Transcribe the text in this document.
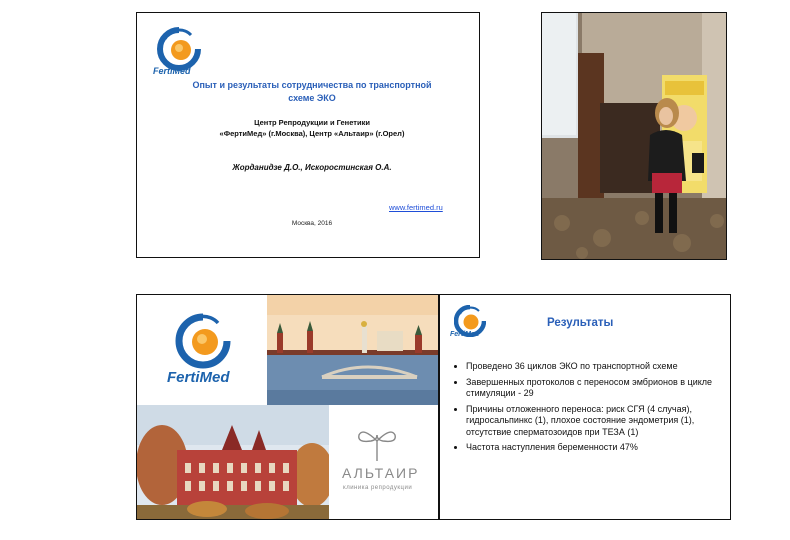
FertiMed
Опыт и результаты сотрудничества по транспортной
схеме ЭКО
Центр Репродукции и Генетики
«ФертиМед» (г.Москва), Центр «Альтаир» (г.Орел)
Жорданидзе Д.О., Искоростинская О.А.
www.fertimed.ru
Москва, 2016
FertiMed
АЛЬТАИР
клиника репродукции
FertiMed
Результаты
• Проведено 36 циклов ЭКО по транспортной схеме
• Завершенных протоколов с переносом эмбрионов в цикле стимуляции - 29
• Причины отложенного переноса: риск СГЯ (4 случая), гидросальпинкс (1), плохое состояние эндометрия (1), отсутствие сперматозоидов при ТЕЗА (1)
• Частота наступления беременности 47%
